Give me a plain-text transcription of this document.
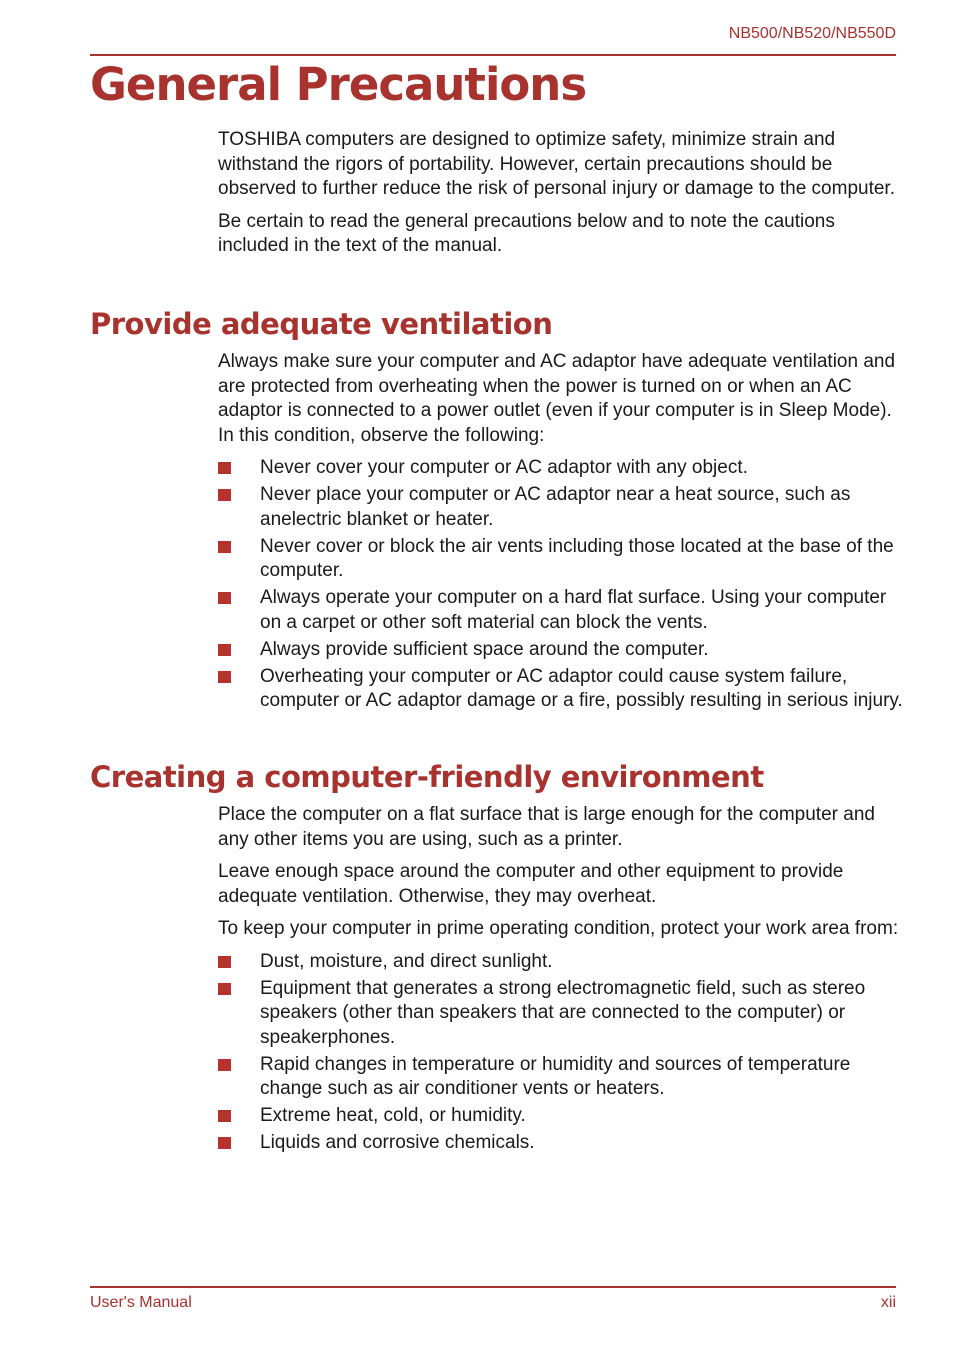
NB500/NB520/NB550D
General Precautions

TOSHIBA computers are designed to optimize safety, minimize strain and withstand the rigors of portability. However, certain precautions should be observed to further reduce the risk of personal injury or damage to the computer.

Be certain to read the general precautions below and to note the cautions included in the text of the manual.

Provide adequate ventilation

Always make sure your computer and AC adaptor have adequate ventilation and are protected from overheating when the power is turned on or when an AC adaptor is connected to a power outlet (even if your computer is in Sleep Mode). In this condition, observe the following:

Never cover your computer or AC adaptor with any object.
Never place your computer or AC adaptor near a heat source, such as anelectric blanket or heater.
Never cover or block the air vents including those located at the base of the computer.
Always operate your computer on a hard flat surface. Using your computer on a carpet or other soft material can block the vents.
Always provide sufficient space around the computer.
Overheating your computer or AC adaptor could cause system failure, computer or AC adaptor damage or a fire, possibly resulting in serious injury.
Creating a computer-friendly environment

Place the computer on a flat surface that is large enough for the computer and any other items you are using, such as a printer.

Leave enough space around the computer and other equipment to provide adequate ventilation. Otherwise, they may overheat.

To keep your computer in prime operating condition, protect your work area from:

Dust, moisture, and direct sunlight.
Equipment that generates a strong electromagnetic field, such as stereo speakers (other than speakers that are connected to the computer) or speakerphones.
Rapid changes in temperature or humidity and sources of temperature change such as air conditioner vents or heaters.
Extreme heat, cold, or humidity.
Liquids and corrosive chemicals.
User's Manual	xii
